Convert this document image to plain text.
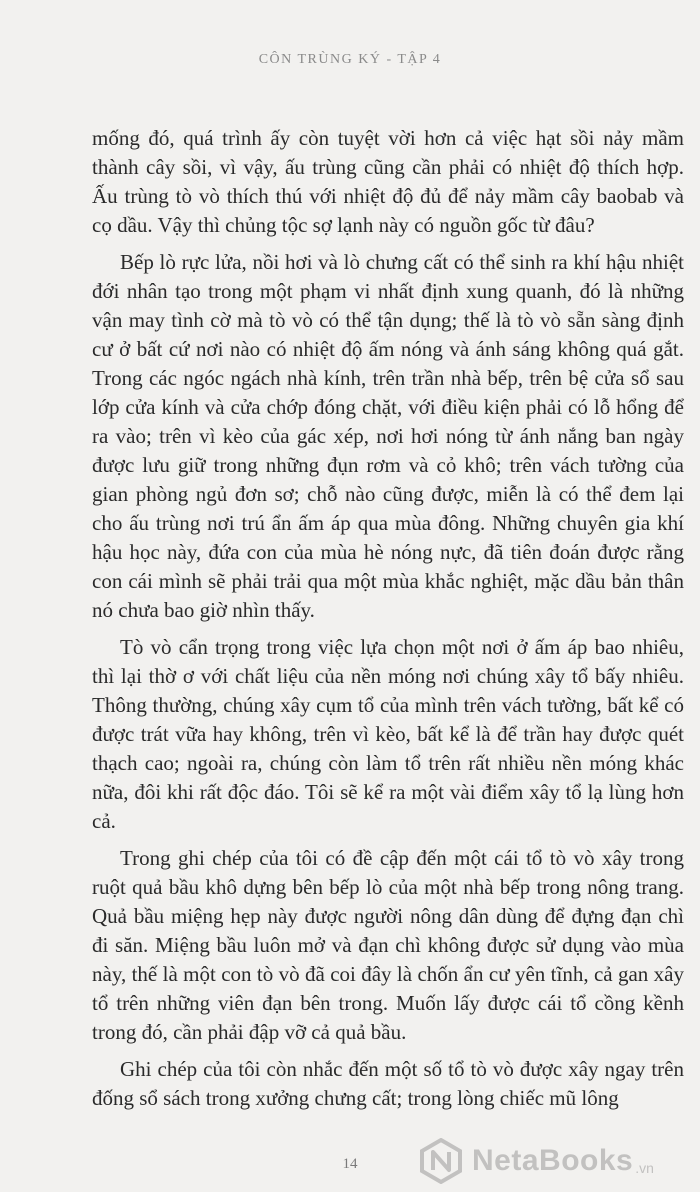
CÔN TRÙNG KÝ - TẬP 4

mống đó, quá trình ấy còn tuyệt vời hơn cả việc hạt sồi nảy mầm thành cây sồi, vì vậy, ấu trùng cũng cần phải có nhiệt độ thích hợp. Ấu trùng tò vò thích thú với nhiệt độ đủ để nảy mầm cây baobab và cọ dầu. Vậy thì chủng tộc sợ lạnh này có nguồn gốc từ đâu?

Bếp lò rực lửa, nồi hơi và lò chưng cất có thể sinh ra khí hậu nhiệt đới nhân tạo trong một phạm vi nhất định xung quanh, đó là những vận may tình cờ mà tò vò có thể tận dụng; thế là tò vò sẵn sàng định cư ở bất cứ nơi nào có nhiệt độ ấm nóng và ánh sáng không quá gắt. Trong các ngóc ngách nhà kính, trên trần nhà bếp, trên bệ cửa sổ sau lớp cửa kính và cửa chớp đóng chặt, với điều kiện phải có lỗ hổng để ra vào; trên vì kèo của gác xép, nơi hơi nóng từ ánh nắng ban ngày được lưu giữ trong những đụn rơm và cỏ khô; trên vách tường của gian phòng ngủ đơn sơ; chỗ nào cũng được, miễn là có thể đem lại cho ấu trùng nơi trú ẩn ấm áp qua mùa đông. Những chuyên gia khí hậu học này, đứa con của mùa hè nóng nực, đã tiên đoán được rằng con cái mình sẽ phải trải qua một mùa khắc nghiệt, mặc dầu bản thân nó chưa bao giờ nhìn thấy.

Tò vò cẩn trọng trong việc lựa chọn một nơi ở ấm áp bao nhiêu, thì lại thờ ơ với chất liệu của nền móng nơi chúng xây tổ bấy nhiêu. Thông thường, chúng xây cụm tổ của mình trên vách tường, bất kể có được trát vữa hay không, trên vì kèo, bất kể là để trần hay được quét thạch cao; ngoài ra, chúng còn làm tổ trên rất nhiều nền móng khác nữa, đôi khi rất độc đáo. Tôi sẽ kể ra một vài điểm xây tổ lạ lùng hơn cả.

Trong ghi chép của tôi có đề cập đến một cái tổ tò vò xây trong ruột quả bầu khô dựng bên bếp lò của một nhà bếp trong nông trang. Quả bầu miệng hẹp này được người nông dân dùng để đựng đạn chì đi săn. Miệng bầu luôn mở và đạn chì không được sử dụng vào mùa này, thế là một con tò vò đã coi đây là chốn ẩn cư yên tĩnh, cả gan xây tổ trên những viên đạn bên trong. Muốn lấy được cái tổ cồng kềnh trong đó, cần phải đập vỡ cả quả bầu.

Ghi chép của tôi còn nhắc đến một số tổ tò vò được xây ngay trên đống sổ sách trong xưởng chưng cất; trong lòng chiếc mũ lông

14	NetaBooks .vn
